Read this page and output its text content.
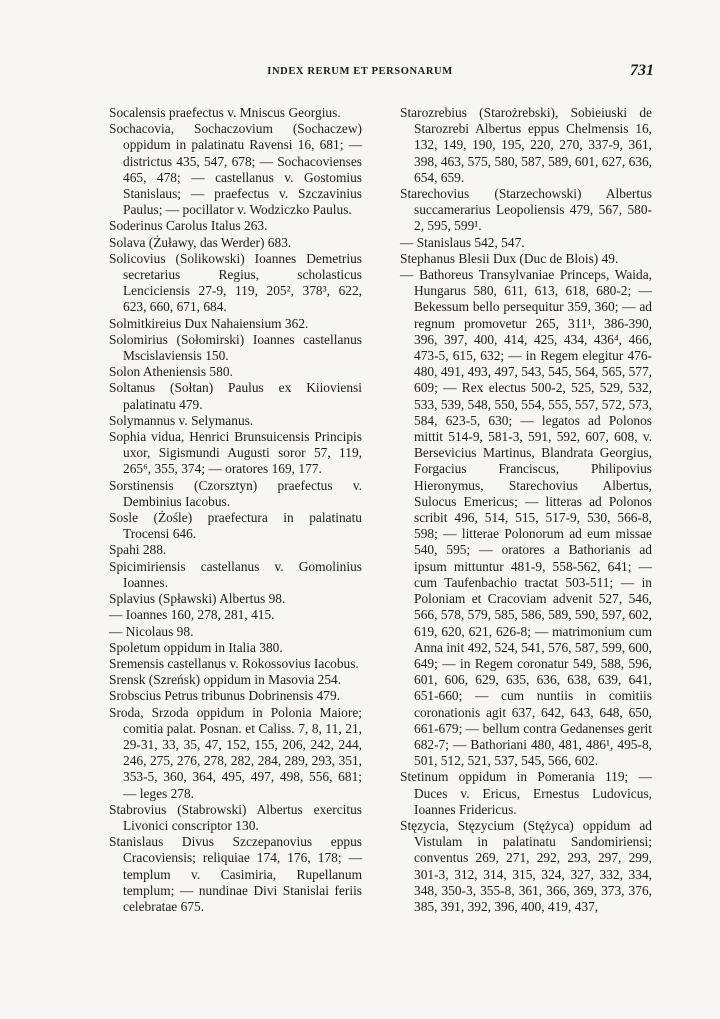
INDEX RERUM ET PERSONARUM	731

Socalensis praefectus v. Mniscus Georgius.

Sochacovia, Sochaczovium (Sochaczew) oppidum in palatinatu Ravensi 16, 681; — districtus 435, 547, 678; — Sochacovienses 465, 478; — castellanus v. Gostomius Stanislaus; — praefectus v. Szczavinius Paulus; — pocillator v. Wodziczko Paulus.

Soderinus Carolus Italus 263.

Solava (Żuławy, das Werder) 683.

Solicovius (Solikowski) Ioannes Demetrius secretarius Regius, scholasticus Lenciciensis 27-9, 119, 205², 378³, 622, 623, 660, 671, 684.

Solmitkireius Dux Nahaiensium 362.

Solomirius (Sołomirski) Ioannes castellanus Mscislaviensis 150.

Solon Atheniensis 580.

Soltanus (Sołtan) Paulus ex Kiioviensi palatinatu 479.

Solymannus v. Selymanus.

Sophia vidua, Henrici Brunsuicensis Principis uxor, Sigismundi Augusti soror 57, 119, 265⁶, 355, 374; — oratores 169, 177.

Sorstinensis (Czorsztyn) praefectus v. Dembinius Iacobus.

Sosle (Żośle) praefectura in palatinatu Trocensi 646.

Spahi 288.

Spicimiriensis castellanus v. Gomolinius Ioannes.

Splavius (Spławski) Albertus 98.

— Ioannes 160, 278, 281, 415.

— Nicolaus 98.

Spoletum oppidum in Italia 380.

Sremensis castellanus v. Rokossovius Iacobus.

Srensk (Szreńsk) oppidum in Masovia 254.

Srobscius Petrus tribunus Dobrinensis 479.

Sroda, Srzoda oppidum in Polonia Maiore; comitia palat. Posnan. et Caliss. 7, 8, 11, 21, 29-31, 33, 35, 47, 152, 155, 206, 242, 244, 246, 275, 276, 278, 282, 284, 289, 293, 351, 353-5, 360, 364, 495, 497, 498, 556, 681; — leges 278.

Stabrovius (Stabrowski) Albertus exercitus Livonici conscriptor 130.

Stanislaus Divus Szczepanovius eppus Cracoviensis; reliquiae 174, 176, 178; — templum v. Casimiria, Rupellanum templum; — nundinae Divi Stanislai feriis celebratae 675.

Starozrebius (Starożrebski), Sobieiuski de Starozrebi Albertus eppus Chelmensis 16, 132, 149, 190, 195, 220, 270, 337-9, 361, 398, 463, 575, 580, 587, 589, 601, 627, 636, 654, 659.

Starechovius (Starzechowski) Albertus succamerarius Leopoliensis 479, 567, 580-2, 595, 599¹.

— Stanislaus 542, 547.

Stephanus Blesii Dux (Duc de Blois) 49.

— Bathoreus Transylvaniae Princeps, Waida, Hungarus 580, 611, 613, 618, 680-2; — Bekessum bello persequitur 359, 360; — ad regnum promovetur 265, 311¹, 386-390, 396, 397, 400, 414, 425, 434, 436⁴, 466, 473-5, 615, 632; — in Regem elegitur 476-480, 491, 493, 497, 543, 545, 564, 565, 577, 609; — Rex electus 500-2, 525, 529, 532, 533, 539, 548, 550, 554, 555, 557, 572, 573, 584, 623-5, 630; — legatos ad Polonos mittit 514-9, 581-3, 591, 592, 607, 608, v. Bersevicius Martinus, Blandrata Georgius, Forgacius Franciscus, Philipovius Hieronymus, Starechovius Albertus, Sulocus Emericus; — litteras ad Polonos scribit 496, 514, 515, 517-9, 530, 566-8, 598; — litterae Polonorum ad eum missae 540, 595; — oratores a Bathorianis ad ipsum mittuntur 481-9, 558-562, 641; — cum Taufenbachio tractat 503-511; — in Poloniam et Cracoviam advenit 527, 546, 566, 578, 579, 585, 586, 589, 590, 597, 602, 619, 620, 621, 626-8; — matrimonium cum Anna init 492, 524, 541, 576, 587, 599, 600, 649; — in Regem coronatur 549, 588, 596, 601, 606, 629, 635, 636, 638, 639, 641, 651-660; — cum nuntiis in comitiis coronationis agit 637, 642, 643, 648, 650, 661-679; — bellum contra Gedanenses gerit 682-7; — Bathoriani 480, 481, 486¹, 495-8, 501, 512, 521, 537, 545, 566, 602.

Stetinum oppidum in Pomerania 119; — Duces v. Ericus, Ernestus Ludovicus, Ioannes Fridericus.

Stęzycia, Stęzycium (Stężyca) oppidum ad Vistulam in palatinatu Sandomiriensi; conventus 269, 271, 292, 293, 297, 299, 301-3, 312, 314, 315, 324, 327, 332, 334, 348, 350-3, 355-8, 361, 366, 369, 373, 376, 385, 391, 392, 396, 400, 419, 437,
